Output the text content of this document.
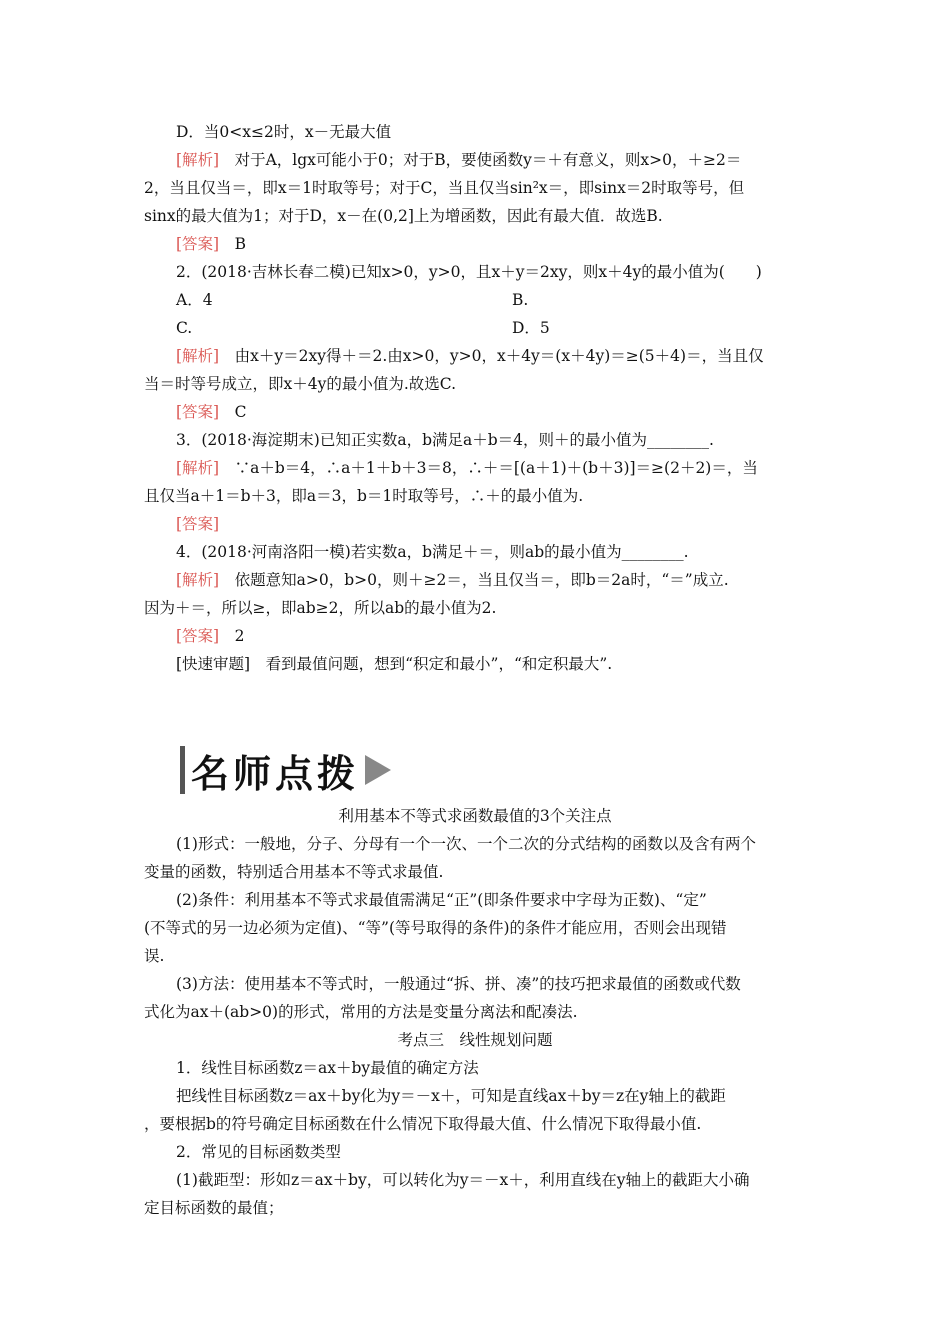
D．当0<x≤2时，x－无最大值
[解析]　对于A，lgx可能小于0；对于B，要使函数y＝＋有意义，则x>0，＋≥2＝
2，当且仅当＝，即x＝1时取等号；对于C，当且仅当sin²x＝，即sinx＝2时取等号，但
sinx的最大值为1；对于D，x－在(0,2]上为增函数，因此有最大值．故选B.
[答案]　B
2．(2018·吉林长春二模)已知x>0，y>0，且x＋y＝2xy，则x＋4y的最小值为(　　)
[解析]　由x＋y＝2xy得＋＝2.由x>0，y>0，x＋4y＝(x＋4y)＝≥(5＋4)＝，当且仅
当＝时等号成立，即x＋4y的最小值为.故选C.
[答案]　C
3．(2018·海淀期末)已知正实数a，b满足a＋b＝4，则＋的最小值为________.
[解析]　∵a＋b＝4，∴a＋1＋b＋3＝8，∴＋＝[(a＋1)＋(b＋3)]＝≥(2＋2)＝，当
且仅当a＋1＝b＋3，即a＝3，b＝1时取等号，∴＋的最小值为.
[答案]
4．(2018·河南洛阳一模)若实数a，b满足＋＝，则ab的最小值为________.
[解析]　依题意知a>0，b>0，则＋≥2＝，当且仅当＝，即b＝2a时，“＝”成立.
因为＋＝，所以≥，即ab≥2，所以ab的最小值为2.
[答案]　2
[快速审题]　看到最值问题，想到“积定和最小”，“和定积最大”.
(1)形式：一般地，分子、分母有一个一次、一个二次的分式结构的函数以及含有两个
变量的函数，特别适合用基本不等式求最值.
(2)条件：利用基本不等式求最值需满足“正”(即条件要求中字母为正数)、“定”
(不等式的另一边必须为定值)、“等”(等号取得的条件)的条件才能应用，否则会出现错
误.
(3)方法：使用基本不等式时，一般通过“拆、拼、凑”的技巧把求最值的函数或代数
式化为ax＋(ab>0)的形式，常用的方法是变量分离法和配凑法.
1．线性目标函数z＝ax＋by最值的确定方法
把线性目标函数z＝ax＋by化为y＝－x＋，可知是直线ax＋by＝z在y轴上的截距
，要根据b的符号确定目标函数在什么情况下取得最大值、什么情况下取得最小值.
2．常见的目标函数类型
(1)截距型：形如z＝ax＋by，可以转化为y＝－x＋，利用直线在y轴上的截距大小确
定目标函数的最值；
A．4	B.
C.	D．5
名师点拨
利用基本不等式求函数最值的3个关注点
考点三　线性规划问题
